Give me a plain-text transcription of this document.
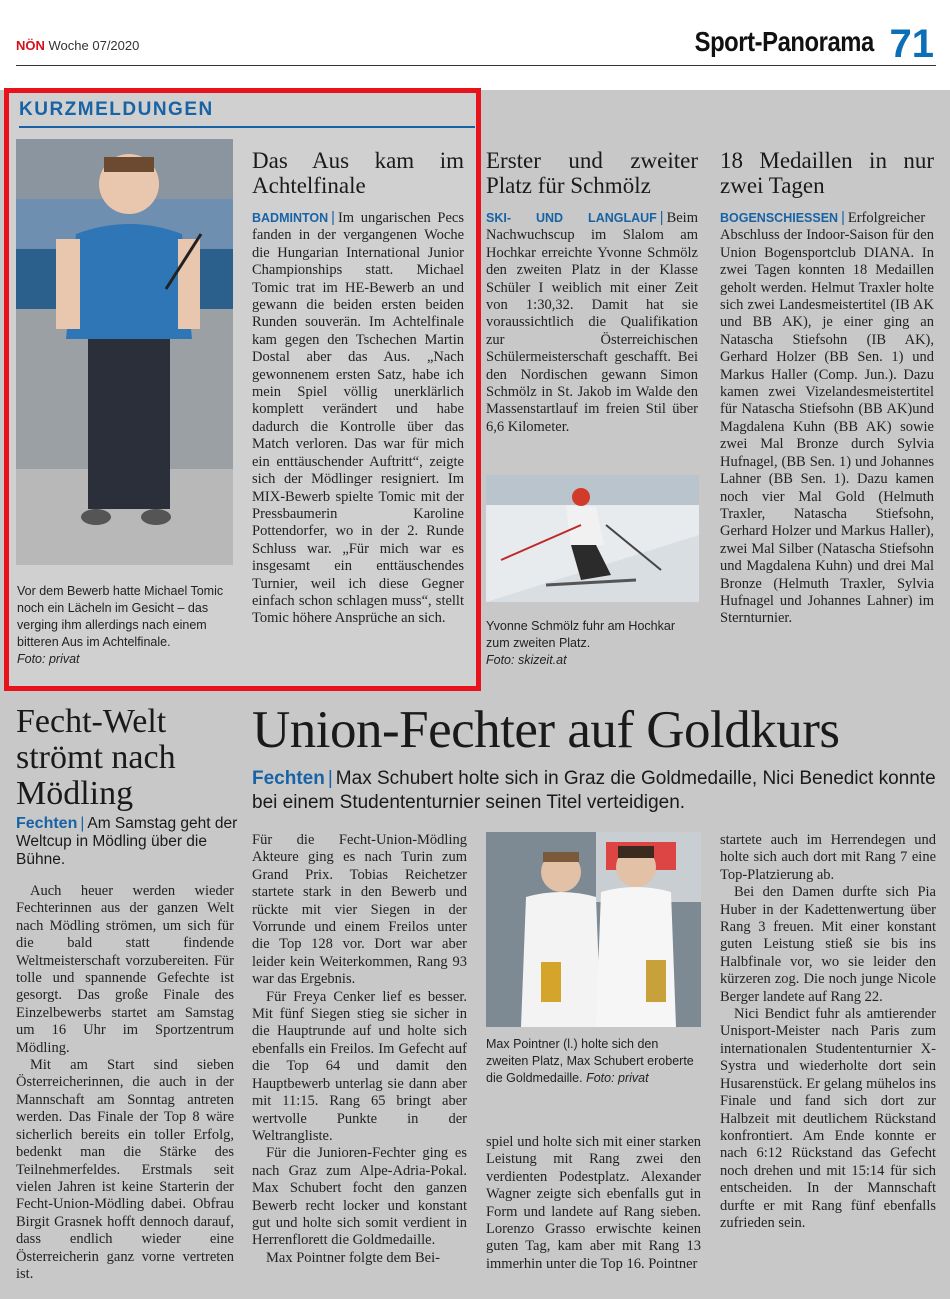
NÖN Woche 07/2020	Sport-Panorama 71
KURZMELDUNGEN
Vor dem Bewerb hatte Michael Tomic noch ein Lächeln im Gesicht – das verging ihm allerdings nach einem bitteren Aus im Achtelfinale.
Foto: privat
Das Aus kam im Achtelfinale

BADMINTON | Im ungarischen Pecs fanden in der vergangenen Woche die Hungarian International Junior Championships statt. Michael Tomic trat im HE-Bewerb an und gewann die beiden ersten beiden Runden souverän. Im Achtelfinale kam gegen den Tschechen Martin Dostal aber das Aus. „Nach gewonnenem ersten Satz, habe ich mein Spiel völlig unerklärlich komplett verändert und habe dadurch die Kontrolle über das Match verloren. Das war für mich ein enttäuschender Auftritt“, zeigte sich der Mödlinger resigniert. Im MIX-Bewerb spielte Tomic mit der Pressbaumerin Karoline Pottendorfer, wo in der 2. Runde Schluss war. „Für mich war es insgesamt ein enttäuschendes Turnier, weil ich diese Gegner einfach schon schlagen muss“, stellt Tomic höhere Ansprüche an sich.

Erster und zweiter Platz für Schmölz

SKI- UND LANGLAUF | Beim Nachwuchscup im Slalom am Hochkar erreichte Yvonne Schmölz den zweiten Platz in der Klasse Schüler I weiblich mit einer Zeit von 1:30,32. Damit hat sie voraussichtlich die Qualifikation zur Österreichischen Schülermeisterschaft geschafft. Bei den Nordischen gewann Simon Schmölz in St. Jakob im Walde den Massenstartlauf im freien Stil über 6,6 Kilometer.

Yvonne Schmölz fuhr am Hochkar zum zweiten Platz.
Foto: skizeit.at
18 Medaillen in nur zwei Tagen

BOGENSCHIESSEN | Erfolgreicher Abschluss der Indoor-Saison für den Union Bogensportclub DIANA. In zwei Tagen konnten 18 Medaillen geholt werden. Helmut Traxler holte sich zwei Landesmeistertitel (IB AK und BB AK), je einer ging an Natascha Stiefsohn (IB AK), Gerhard Holzer (BB Sen. 1) und Markus Haller (Comp. Jun.). Dazu kamen zwei Vizelandesmeistertitel für Natascha Stiefsohn (BB AK)und Magdalena Kuhn (BB AK) sowie zwei Mal Bronze durch Sylvia Hufnagel, (BB Sen. 1) und Johannes Lahner (BB Sen. 1). Dazu kamen noch vier Mal Gold (Helmuth Traxler, Natascha Stiefsohn, Gerhard Holzer und Markus Haller), zwei Mal Silber (Natascha Stiefsohn und Magdalena Kuhn) und drei Mal Bronze (Helmuth Traxler, Sylvia Hufnagel und Johannes Lahner) im Sternturnier.

Fecht-Welt strömt nach Mödling
Fechten | Am Samstag geht der Weltcup in Mödling über die Bühne.

Auch heuer werden wieder Fechterinnen aus der ganzen Welt nach Mödling strömen, um sich für die bald statt findende Weltmeisterschaft vorzubereiten. Für tolle und spannende Gefechte ist gesorgt. Das große Finale des Einzelbewerbs startet am Samstag um 16 Uhr im Sportzentrum Mödling.

Mit am Start sind sieben Österreicherinnen, die auch in der Mannschaft am Sonntag antreten werden. Das Finale der Top 8 wäre sicherlich bereits ein toller Erfolg, bedenkt man die Stärke des Teilnehmerfeldes. Erstmals seit vielen Jahren ist keine Starterin der Fecht-Union-Mödling dabei. Obfrau Birgit Grasnek hofft dennoch darauf, dass endlich wieder eine Österreicherin ganz vorne vertreten ist.

Union-Fechter auf Goldkurs
Fechten | Max Schubert holte sich in Graz die Goldmedaille, Nici Benedict konnte bei einem Studententurnier seinen Titel verteidigen.

Für die Fecht-Union-Mödling Akteure ging es nach Turin zum Grand Prix. Tobias Reichetzer startete stark in den Bewerb und rückte mit vier Siegen in der Vorrunde und einem Freilos unter die Top 128 vor. Dort war aber leider kein Weiterkommen, Rang 93 war das Ergebnis.

Für Freya Cenker lief es besser. Mit fünf Siegen stieg sie sicher in die Hauptrunde auf und holte sich ebenfalls ein Freilos. Im Gefecht auf die Top 64 und damit den Hauptbewerb unterlag sie dann aber mit 11:15. Rang 65 bringt aber wertvolle Punkte in der Weltrangliste.

Für die Junioren-Fechter ging es nach Graz zum Alpe-Adria-Pokal. Max Schubert focht den ganzen Bewerb recht locker und konstant gut und holte sich somit verdient in Herrenflorett die Goldmedaille.

Max Pointner folgte dem Bei-

Max Pointner (l.) holte sich den zweiten Platz, Max Schubert eroberte die Goldmedaille. Foto: privat

spiel und holte sich mit einer starken Leistung mit Rang zwei den verdienten Podestplatz. Alexander Wagner zeigte sich ebenfalls gut in Form und landete auf Rang sieben. Lorenzo Grasso erwischte keinen guten Tag, kam aber mit Rang 13 immerhin unter die Top 16. Pointner

startete auch im Herrendegen und holte sich auch dort mit Rang 7 eine Top-Platzierung ab.

Bei den Damen durfte sich Pia Huber in der Kadettenwertung über Rang 3 freuen. Mit einer konstant guten Leistung stieß sie bis ins Halbfinale vor, wo sie leider den kürzeren zog. Die noch junge Nicole Berger landete auf Rang 22.

Nici Bendict fuhr als amtierender Unisport-Meister nach Paris zum internationalen Studententurnier X-Systra und wiederholte dort sein Husarenstück. Er gelang mühelos ins Finale und fand sich dort zur Halbzeit mit deutlichem Rückstand konfrontiert. Am Ende konnte er nach 6:12 Rückstand das Gefecht noch drehen und mit 15:14 für sich entscheiden. In der Mannschaft durfte er mit Rang fünf ebenfalls zufrieden sein.
